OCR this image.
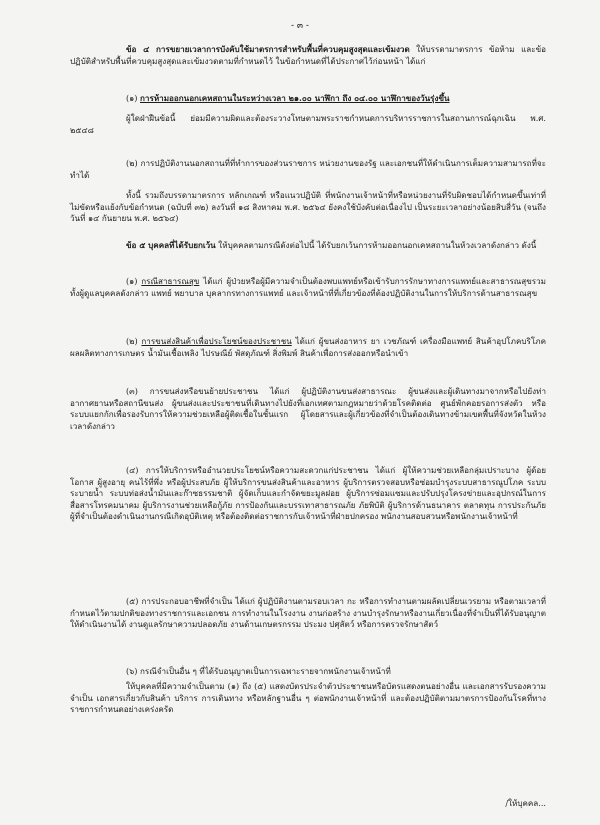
- ๓ -
ข้อ ๔ การขยายเวลาการบังคับใช้มาตรการสำหรับพื้นที่ควบคุมสูงสุดและเข้มงวด ให้บรรดามาตรการ ข้อห้าม และข้อปฏิบัติสำหรับพื้นที่ควบคุมสูงสุดและเข้มงวดตามที่กำหนดไว้ ในข้อกำหนดที่ได้ประกาศไว้ก่อนหน้า ได้แก่
(๑) การห้ามออกนอกเคหสถานในระหว่างเวลา ๒๑.๐๐ นาฬิกา ถึง ๐๔.๐๐ นาฬิกาของวันรุ่งขึ้น
ผู้ใดฝ่าฝืนข้อนี้ ย่อมมีความผิดและต้องระวางโทษตามพระราชกำหนดการบริหารราชการในสถานการณ์ฉุกเฉิน พ.ศ. ๒๕๔๘
(๒) การปฏิบัติงานนอกสถานที่ที่ทำการของส่วนราชการ หน่วยงานของรัฐ และเอกชนที่ให้ดำเนินการเต็มความสามารถที่จะทำได้
ทั้งนี้ รวมถึงบรรดามาตรการ หลักเกณฑ์ หรือแนวปฏิบัติ ที่พนักงานเจ้าหน้าที่หรือหน่วยงานที่รับผิดชอบได้กำหนดขึ้นเท่าที่ไม่ขัดหรือแย้งกับข้อกำหนด (ฉบับที่ ๓๒) ลงวันที่ ๑๘ สิงหาคม พ.ศ. ๒๕๖๔ ยังคงใช้บังคับต่อเนื่องไป เป็นระยะเวลาอย่างน้อยสิบสี่วัน (จนถึงวันที่ ๑๔ กันยายน พ.ศ. ๒๕๖๔)
ข้อ ๕ บุคคลที่ได้รับยกเว้น ให้บุคคลตามกรณีดังต่อไปนี้ ได้รับยกเว้นการห้ามออกนอกเคหสถานในห้วงเวลาดังกล่าว ดังนี้
(๑) กรณีสาธารณสุข ได้แก่ ผู้ป่วยหรือผู้มีความจำเป็นต้องพบแพทย์หรือเข้ารับการรักษาทางการแพทย์และสาธารณสุขรวมทั้งผู้ดูแลบุคคลดังกล่าว แพทย์ พยาบาล บุคลากรทางการแพทย์ และเจ้าหน้าที่ที่เกี่ยวข้องที่ต้องปฏิบัติงานในการให้บริการด้านสาธารณสุข
(๒) การขนส่งสินค้าเพื่อประโยชน์ของประชาชน ได้แก่ ผู้ขนส่งอาหาร ยา เวชภัณฑ์ เครื่องมือแพทย์ สินค้าอุปโภคบริโภค ผลผลิตทางการเกษตร น้ำมันเชื้อเพลิง ไปรษณีย์ พัสดุภัณฑ์ สิ่งพิมพ์ สินค้าเพื่อการส่งออกหรือนำเข้า
(๓) การขนส่งหรือขนย้ายประชาชน ได้แก่ ผู้ปฏิบัติงานขนส่งสาธารณะ ผู้ขนส่งและผู้เดินทางมาจากหรือไปยังท่าอากาศยานหรือสถานีขนส่ง ผู้ขนส่งและประชาชนที่เดินทางไปยังที่เอกเทศตามกฎหมายว่าด้วยโรคติดต่อ ศูนย์พักคอยรอการส่งตัว หรือระบบแยกกักเพื่อรองรับการให้ความช่วยเหลือผู้ติดเชื้อในชั้นแรก ผู้โดยสารและผู้เกี่ยวข้องที่จำเป็นต้องเดินทางข้ามเขตพื้นที่จังหวัดในห้วงเวลาดังกล่าว
(๔) การให้บริการหรืออำนวยประโยชน์หรือความสะดวกแก่ประชาชน ได้แก่ ผู้ให้ความช่วยเหลือกลุ่มเปราะบาง ผู้ด้อยโอกาส ผู้สูงอายุ คนไร้ที่พึ่ง หรือผู้ประสบภัย ผู้ให้บริการขนส่งสินค้าและอาหาร ผู้บริการตรวจสอบหรือซ่อมบำรุงระบบสาธารณูปโภค ระบบระบายน้ำ ระบบท่อส่งน้ำมันและก๊าซธรรมชาติ ผู้จัดเก็บและกำจัดขยะมูลฝอย ผู้บริการซ่อมแซมและปรับปรุงโครงข่ายและอุปกรณ์ในการสื่อสารโทรคมนาคม ผู้บริการงานช่วยเหลือกู้ภัย การป้องกันและบรรเทาสาธารณภัย ภัยพิบัติ ผู้บริการด้านธนาคาร ตลาดทุน การประกันภัยผู้ที่จำเป็นต้องดำเนินงานกรณีเกิดอุบัติเหตุ หรือต้องติดต่อราชการกับเจ้าหน้าที่ฝ่ายปกครอง พนักงานสอบสวนหรือพนักงานเจ้าหน้าที่
(๕) การประกอบอาชีพที่จำเป็น ได้แก่ ผู้ปฏิบัติงานตามรอบเวลา กะ หรือการทำงานตามผลัดเปลี่ยนเวรยาม หรือตามเวลาที่กำหนดไว้ตามปกติของทางราชการและเอกชน การทำงานในโรงงาน งานก่อสร้าง งานบำรุงรักษาหรืองานเกี่ยวเนื่องที่จำเป็นที่ได้รับอนุญาตให้ดำเนินงานได้ งานดูแลรักษาความปลอดภัย งานด้านเกษตรกรรม ประมง ปศุสัตว์ หรือการตรวจรักษาสัตว์
(๖) กรณีจำเป็นอื่น ๆ ที่ได้รับอนุญาตเป็นการเฉพาะรายจากพนักงานเจ้าหน้าที่
ให้บุคคลที่มีความจำเป็นตาม (๑) ถึง (๕) แสดงบัตรประจำตัวประชาชนหรือบัตรแสดงตนอย่างอื่น และเอกสารรับรองความจำเป็น เอกสารเกี่ยวกับสินค้า บริการ การเดินทาง หรือหลักฐานอื่น ๆ ต่อพนักงานเจ้าหน้าที่ และต้องปฏิบัติตามมาตรการป้องกันโรคที่ทางราชการกำหนดอย่างเคร่งครัด
/ให้บุคคล...
